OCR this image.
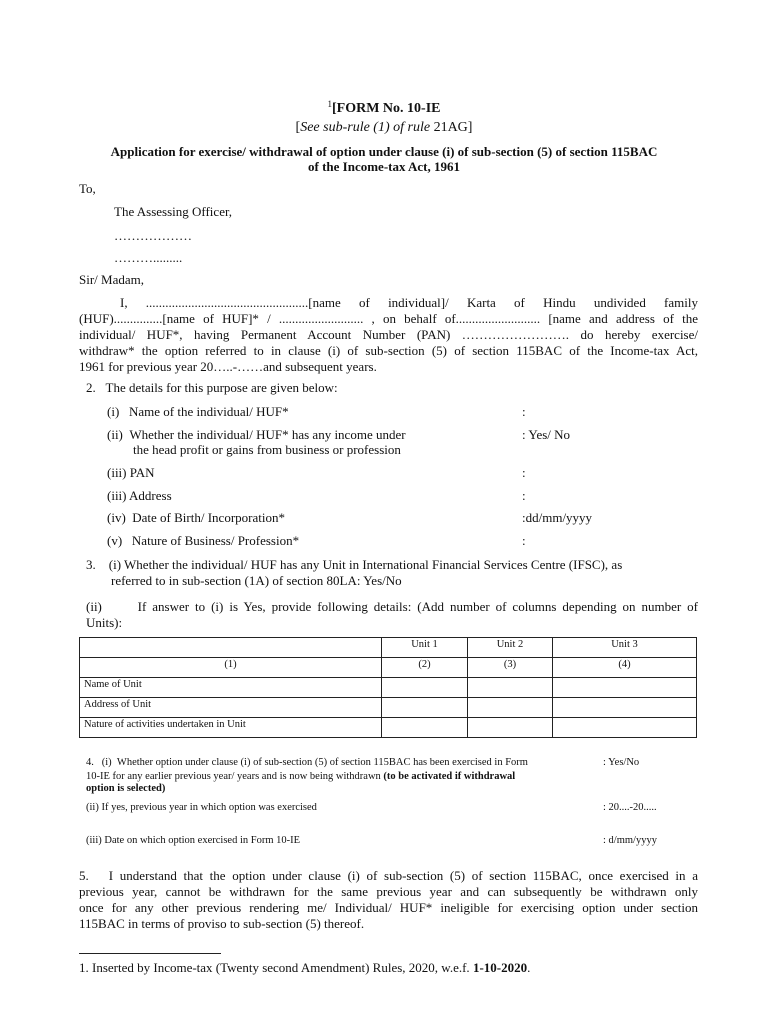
$^1$[FORM No. 10-IE
[See sub-rule (1) of rule 21AG]
Application for exercise/ withdrawal of option under clause (i) of sub-section (5) of section 115BAC
of the Income-tax Act, 1961
To,
The Assessing Officer,
………………
……….........
Sir/ Madam,
I, ..................................................[name of individual]/ Karta of Hindu undivided family
(HUF)...............[name of HUF]* / .......................... , on behalf of.......................... [name and address of the
individual/ HUF*, having Permanent Account Number (PAN) ……………………. do hereby exercise/
withdraw* the option referred to in clause (i) of sub-section (5) of section 115BAC of the Income-tax Act,
1961 for previous year 20…..-……and subsequent years.
2.   The details for this purpose are given below:
(i)   Name of the individual/ HUF*	:
(ii)  Whether the individual/ HUF* has any income under
the head profit or gains from business or profession
: Yes/ No
(iii) PAN	:
(iii) Address	:
(iv)  Date of Birth/ Incorporation*	:dd/mm/yyyy
(v)   Nature of Business/ Profession*	:
3.    (i) Whether the individual/ HUF has any Unit in International Financial Services Centre (IFSC), as
referred to in sub-section (1A) of section 80LA: Yes/No
(ii)      If answer to (i) is Yes, provide following details: (Add number of columns depending on number of
	Unit 1	Unit 2	Unit 3
(1)	(2)	(3)	(4)
Name of Unit			
Address of Unit			
Nature of activities undertaken in Unit			
4.   (i)  Whether option under clause (i) of sub-section (5) of section 115BAC has been exercised in Form	: Yes/No
10-IE for any earlier previous year/ years and is now being withdrawn (to be activated if withdrawal
option is selected)
(ii) If yes, previous year in which option was exercised	: 20....-20.....
(iii) Date on which option exercised in Form 10-IE	: d/mm/yyyy
5.   I understand that the option under clause (i) of sub-section (5) of section 115BAC, once exercised in a
previous year, cannot be withdrawn for the same previous year and can subsequently be withdrawn only
once for any other previous rendering me/ Individual/ HUF* ineligible for exercising option under section
115BAC in terms of proviso to sub-section (5) thereof.
1. Inserted by Income-tax (Twenty second Amendment) Rules, 2020, w.e.f. 1-10-2020.
Units):
